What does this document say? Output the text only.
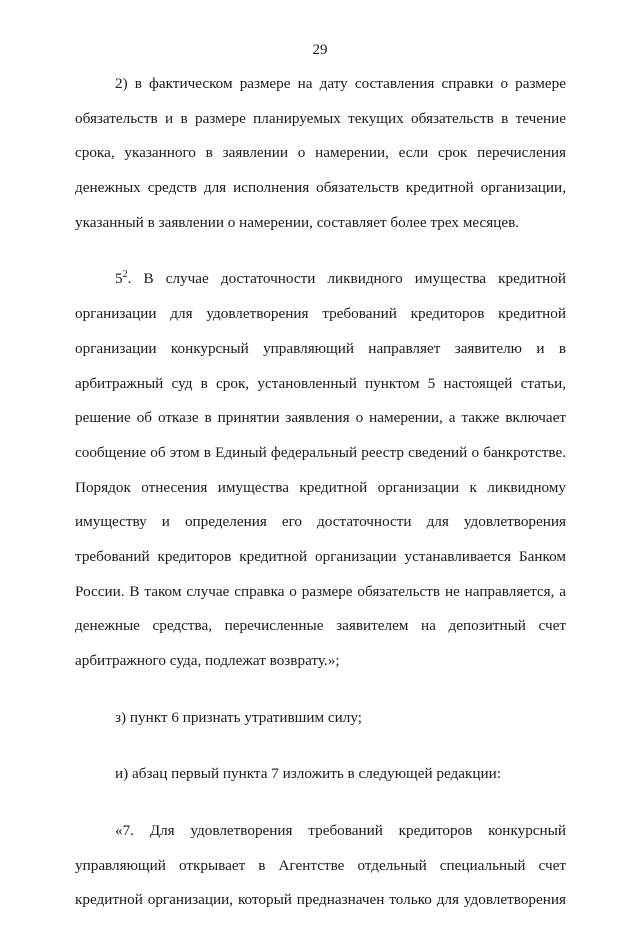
29
2) в фактическом размере на дату составления справки о размере
обязательств и в размере планируемых текущих обязательств в течение
срока, указанного в заявлении о намерении, если срок перечисления
денежных средств для исполнения обязательств кредитной организации,
указанный в заявлении о намерении, составляет более трех месяцев.
$5^2$. В случае достаточности ликвидного имущества кредитной
организации для удовлетворения требований кредиторов кредитной
организации конкурсный управляющий направляет заявителю и в
арбитражный суд в срок, установленный пунктом 5 настоящей статьи,
решение об отказе в принятии заявления о намерении, а также включает
сообщение об этом в Единый федеральный реестр сведений о банкротстве.
Порядок отнесения имущества кредитной организации к ликвидному
имуществу и определения его достаточности для удовлетворения
требований кредиторов кредитной организации устанавливается Банком
России. В таком случае справка о размере обязательств не направляется, а
денежные средства, перечисленные заявителем на депозитный счет
арбитражного суда, подлежат возврату.»;
з) пункт 6 признать утратившим силу;
и) абзац первый пункта 7 изложить в следующей редакции:
«7. Для удовлетворения требований кредиторов конкурсный
управляющий открывает в Агентстве отдельный специальный счет
кредитной организации, который предназначен только для удовлетворения
